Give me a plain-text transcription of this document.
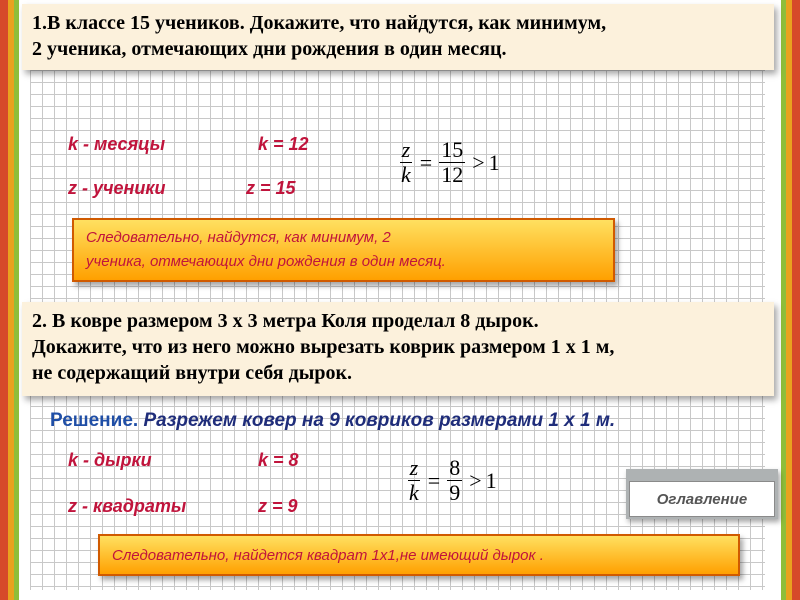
1.В классе 15 учеников. Докажите, что найдутся, как минимум,
2 ученика, отмечающих дни рождения в один месяц.
k - месяцы	k = 12
z - ученики	z = 15
$\frac{z}{k} = \frac{15}{12} > 1$
Следовательно, найдутся, как минимум, 2
ученика, отмечающих дни рождения в один месяц.
2. В ковре размером 3 х 3 метра Коля проделал 8 дырок.
Докажите, что из него можно вырезать коврик размером 1 х 1 м,
не содержащий внутри себя дырок.
Решение. Разрежем ковер на 9 ковриков размерами 1 х 1 м.
k - дырки	k = 8
z - квадраты	z = 9
$\frac{z}{k} = \frac{8}{9} > 1$
Оглавление
Следовательно, найдется квадрат 1х1,не имеющий дырок .
